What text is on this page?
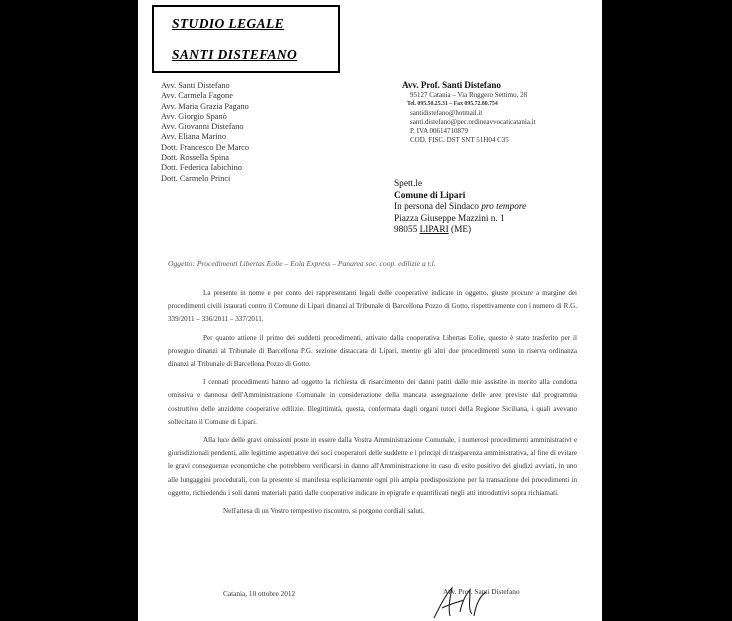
STUDIO LEGALE
SANTI DISTEFANO
Avv. Santi Distefano
Avv. Carmela Fagone
Avv. Maria Grazia Pagano
Avv. Giorgio Spanò
Avv. Giovanni Distefano
Avv. Eliana Marino
Dott. Francesco De Marco
Dott. Rossella Spina
Dott. Federica Iabichino
Dott. Carmelo Princi
Avv. Prof. Santi Distefano
95127 Catania – Via Ruggero Settimo, 28
Tel. 095.50.25.31 – Fax 095.72.80.754
santidistefano@hotmail.it
santi.distefano@pec.ordineavvocaticatania.it
P. IVA 00614710879
COD. FISC. DST SNT 51H04 C35
Spett.le
Comune di Lipari
In persona del Sindaco pro tempore
Piazza Giuseppe Mazzini n. 1
98055 LIPARI (ME)
Oggetto: Procedimenti Libertas Eolie – Eola Express – Panarea soc. coop. edilizie a r.l.

La presente in nome e per conto dei rappresentanti legali delle cooperative indicate in oggetto, giuste procure a margine dei procedimenti civili istaurati contro il Comune di Lipari dinanzi al Tribunale di Barcellona Pozzo di Gotto, rispettivamente con i numero di R.G. 339/2011 – 336/2011 – 337/2011.

Per quanto attiene il primo dei suddetti procedimenti, attivato dalla cooperativa Libertas Eolie, questo è stato trasferito per il proseguo dinanzi al Tribunale di Barcellona P.G. sezione distaccata di Lipari, mentre gli altri due procedimenti sono in riserva ordinanza dinanzi al Tribunale di Barcellona Pozzo di Gotto.

I cennati procedimenti hanno ad oggetto la richiesta di risarcimento dei danni patiti dalle mie assistite in merito alla condotta omissiva e dannosa dell'Amministrazione Comunale in considerazione della mancata assegnazione delle aree previste dal programma costruttivo delle anzidette cooperative edilizie. Illegittimità, questa, confermata dagli organi tutori della Regione Siciliana, i quali avevano sollecitato il Comune di Lipari.

Alla luce delle gravi omissioni poste in essere dalla Vostra Amministrazione Comunale, i numerosi procedimenti amministrativi e giurisdizionali pendenti, alle legittime aspettative dei soci cooperatori delle suddette e i principi di trasparenza amministrativa, al fine di evitare le gravi conseguenze economiche che potrebbero verificarsi in danno all'Amministrazione in caso di esito positivo dei giudizi avviati, in uno alle lungaggini procedurali, con la presente si manifesta esplicitamente ogni più ampia predisposizione per la transazione dei procedimenti in oggetto, richiedendo i soli danni materiali patiti dalle cooperative indicate in epigrafe e quantificati negli atti introduttivi sopra richiamati.

Nell'attesa di un Vostro tempestivo riscontro, si porgono cordiali saluti.

Catania, 10 ottobre 2012	Avv. Prof. Santi Distefano
